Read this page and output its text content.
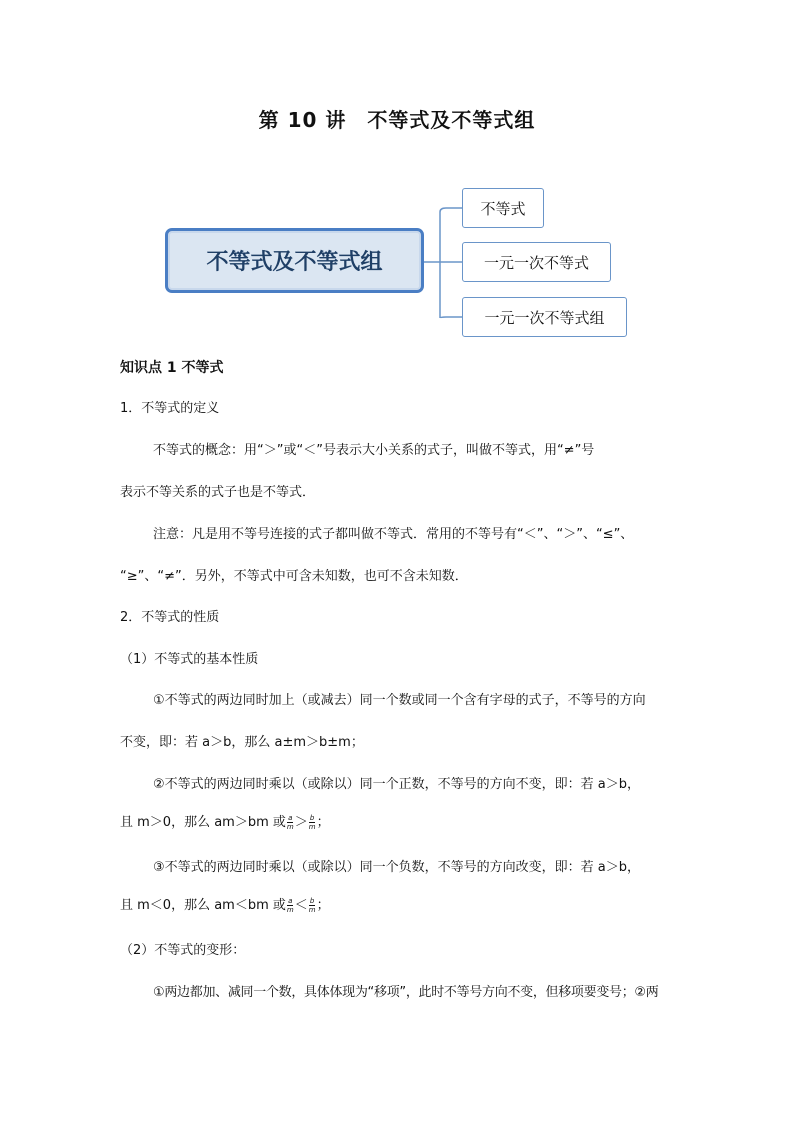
第 10 讲　不等式及不等式组
不等式及不等式组
不等式
一元一次不等式
一元一次不等式组
知识点 1 不等式
1．不等式的定义
不等式的概念：用“＞”或“＜”号表示大小关系的式子，叫做不等式，用“≠”号
表示不等关系的式子也是不等式．
注意：凡是用不等号连接的式子都叫做不等式．常用的不等号有“＜”、“＞”、“≤”、
“≥”、“≠”．另外，不等式中可含未知数，也可不含未知数．
2．不等式的性质
（1）不等式的基本性质
①不等式的两边同时加上（或减去）同一个数或同一个含有字母的式子，不等号的方向
不变，即：若 a＞b，那么 a±m＞b±m；
②不等式的两边同时乘以（或除以）同一个正数，不等号的方向不变，即：若 a＞b，
且 m＞0，那么 am＞bm 或 $\frac{a}{m} > \frac{b}{m}$ ；
③不等式的两边同时乘以（或除以）同一个负数，不等号的方向改变，即：若 a＞b，
且 m＜0，那么 am＜bm 或 $\frac{a}{m} < \frac{b}{m}$ ；
（2）不等式的变形：
①两边都加、减同一个数，具体体现为“移项”，此时不等号方向不变，但移项要变号；②两
